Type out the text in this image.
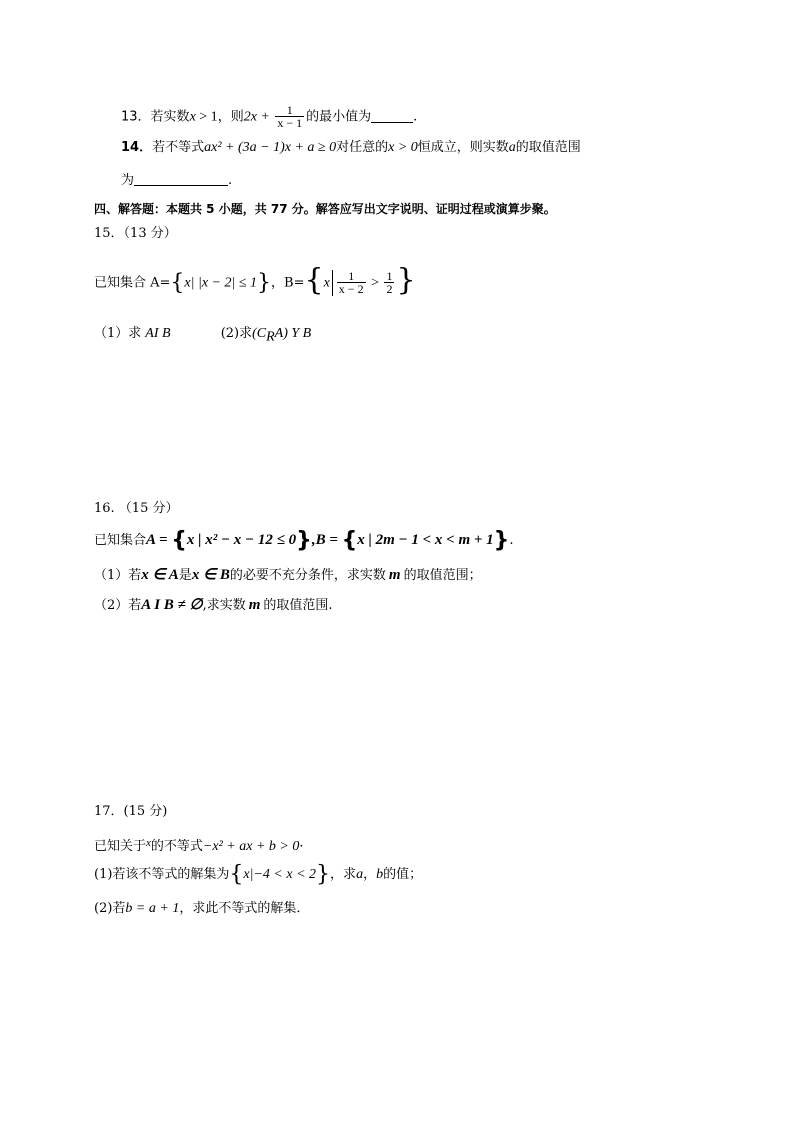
13．若实数x > 1，则$2x + \frac{1}{x - 1}$ 的最小值为	.
14．若不等式ax² + (3a − 1)x + a ≥ 0对任意的x > 0恒成立，则实数a的取值范围
为	.
四、解答题：本题共 5 小题，共 77 分。解答应写出文字说明、证明过程或演算步聚。
15．（13 分）
已知集合 A={x| |x − 2| ≤ 1}，$B=\{x \frac{1}{x - 2} > \frac{1}{2}$ }
（1）求 AI B	(2)求$(C_RA)$ Y B
16. （15 分）
已知集合A = {x | x² − x − 12 ≤ 0},B = {x | 2m − 1 < x < m + 1}.
（1）若x ∈ A是x ∈ B的必要不充分条件，求实数 m 的取值范围；
（2）若A I B ≠ ∅,求实数 m 的取值范围.
17．(15 分)
已知关于$^x$的不等式−x² + ax + b > 0·
(1)若该不等式的解集为{x|−4 < x < 2}，求a，b的值；
(2)若b = a + 1，求此不等式的解集．
